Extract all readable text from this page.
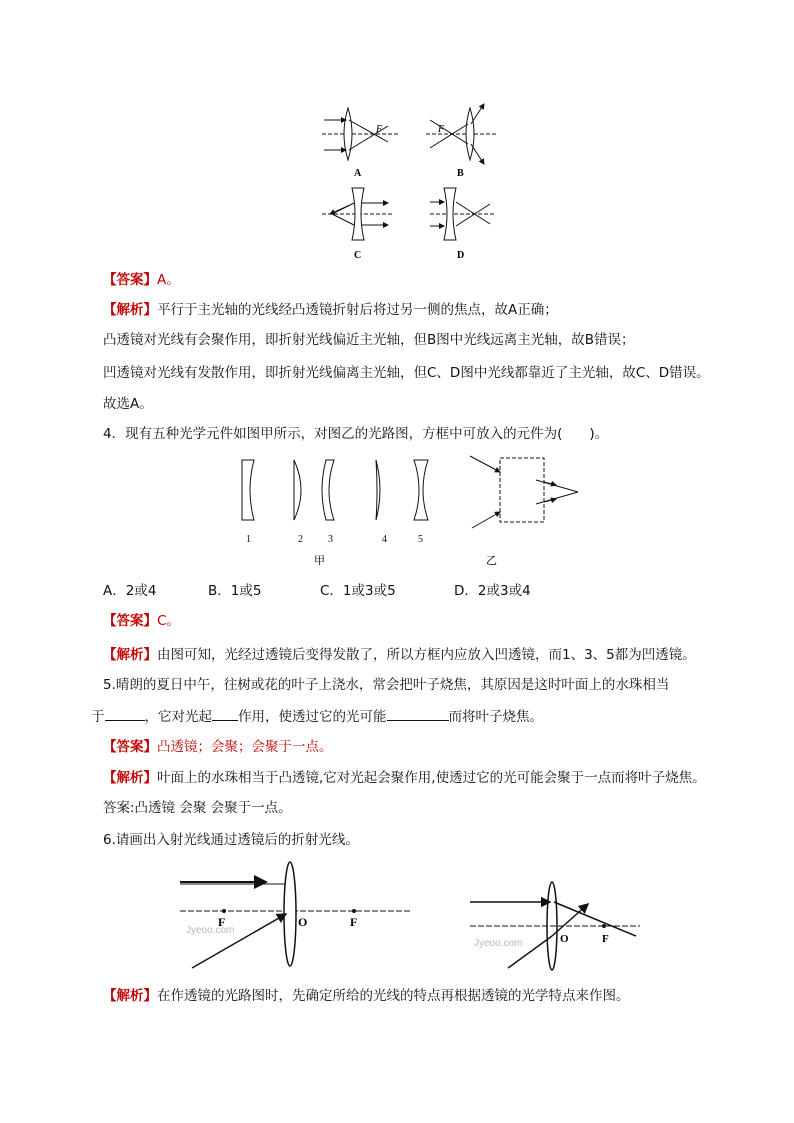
F	F
A	B
C	D
【答案】A。
【解析】平行于主光轴的光线经凸透镜折射后将过另一侧的焦点，故A正确；
凸透镜对光线有会聚作用，即折射光线偏近主光轴，但B图中光线远离主光轴，故B错误；
凹透镜对光线有发散作用，即折射光线偏离主光轴，但C、D图中光线都靠近了主光轴，故C、D错误。
故选A。
4．现有五种光学元件如图甲所示，对图乙的光路图，方框中可放入的元件为(　　)。
1	2	3	4	5
甲	乙
A．2或4	B．1或5	C．1或3或5	D．2或3或4
【答案】C。
【解析】由图可知，光经过透镜后变得发散了，所以方框内应放入凹透镜，而1、3、5都为凹透镜。
5.晴朗的夏日中午，往树或花的叶子上浇水，常会把叶子烧焦，其原因是这时叶面上的水珠相当
于	，它对光起 作用，使透过它的光可能	而将叶子烧焦。
【答案】凸透镜；会聚；会聚于一点。
【解析】叶面上的水珠相当于凸透镜,它对光起会聚作用,使透过它的光可能会聚于一点而将叶子烧焦。
答案:凸透镜 会聚 会聚于一点。
6.请画出入射光线通过透镜后的折射光线。
Jyeoo.com
F	O	F
Jyeoo.com	O	F
【解析】在作透镜的光路图时，先确定所给的光线的特点再根据透镜的光学特点来作图。
